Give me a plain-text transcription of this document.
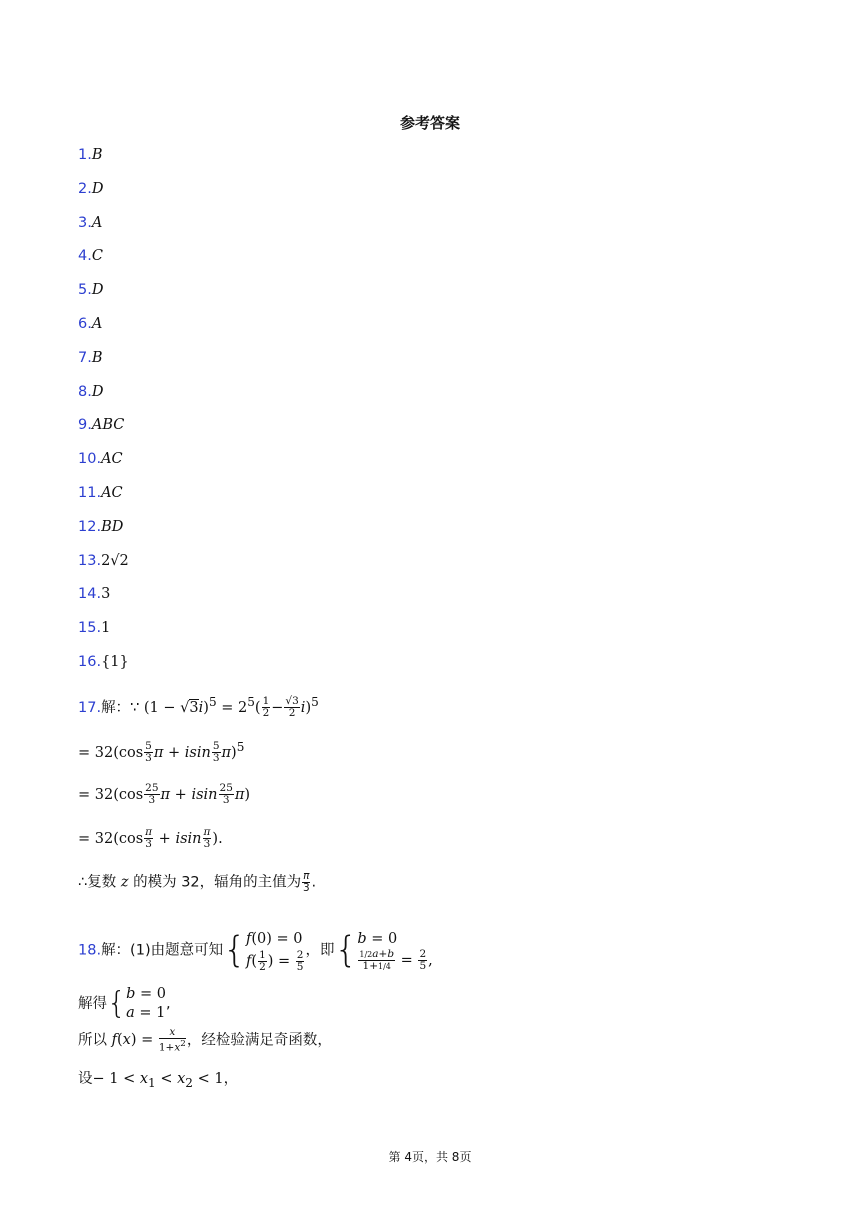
参考答案
1.B
2.D
3.A
4.C
5.D
6.A
7.B
8.D
9.ABC
10.AC
11.AC
12.BD
13.2√2
14.3
15.1
16.{1}
17.解：∵ $(1 - √3i)^5 = 2^5( \frac{1}{2} - \frac{√3}{2} i)^5$
= $32(\cos \frac{5}{3}$ π + isin $\frac{5}{3} \pi)^5$
= $32(\cos \frac{25}{3}$ π + isin $\frac{25}{3} \pi$)
= $32(\cos \frac{\pi}{3} + isin \frac{\pi}{3}$ ).
∴复数 z 的模为 32，辐角的主值为 $\frac{\pi}{3}$ .
18.解：(1)由题意可知{ f(0) = 0
$f( \frac{1}{2}$ ) = $\frac{2}{5}$ ，即{ b = 0
$\frac{1/2a+b}{1+1/4} = \frac{2}{5}$ ,
解得{ b = 0
a = 1
,
所以 $f(x) = \frac{x}{1+x^2}$ ，经检验满足奇函数，
设− $1 < x_1 < x_2 < 1$，
第 4页，共 8页
